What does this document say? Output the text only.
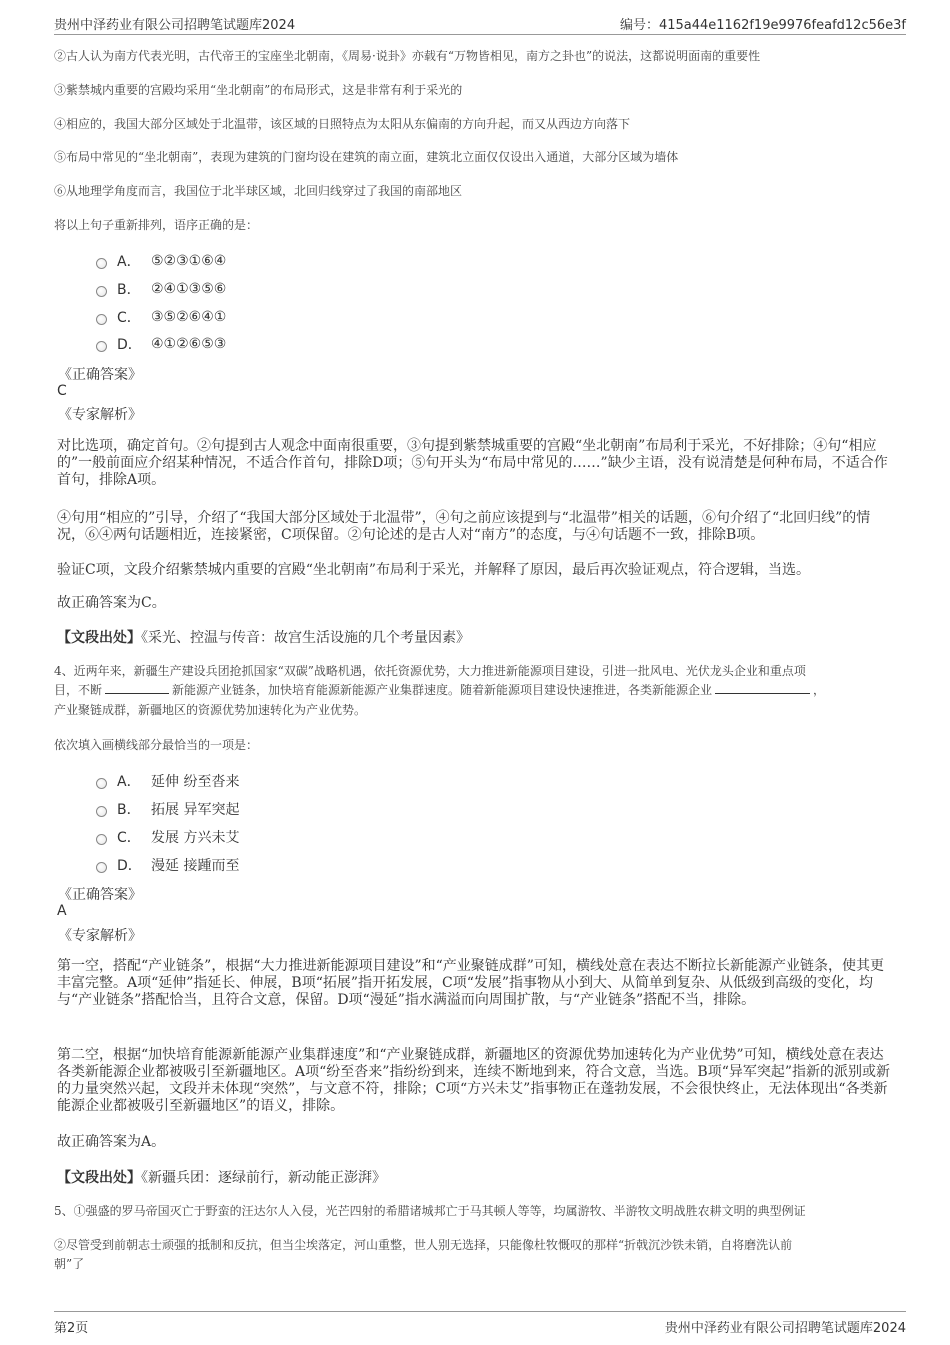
贵州中泽药业有限公司招聘笔试题库2024	编号：415a44e1162f19e9976feafd12c56e3f
②古人认为南方代表光明，古代帝王的宝座坐北朝南，《周易·说卦》亦载有“万物皆相见，南方之卦也”的说法，这都说明面南的重要性
③紫禁城内重要的宫殿均采用“坐北朝南”的布局形式，这是非常有利于采光的
④相应的，我国大部分区域处于北温带，该区域的日照特点为太阳从东偏南的方向升起，而又从西边方向落下
⑤布局中常见的“坐北朝南”，表现为建筑的门窗均设在建筑的南立面，建筑北立面仅仅设出入通道，大部分区域为墙体
⑥从地理学角度而言，我国位于北半球区域，北回归线穿过了我国的南部地区
将以上句子重新排列，语序正确的是：
A． ⑤②③①⑥④
B． ②④①③⑤⑥
C． ③⑤②⑥④①
D． ④①②⑥⑤③
《正确答案》
C
《专家解析》
对比选项，确定首句。②句提到古人观念中面南很重要，③句提到紫禁城重要的宫殿“坐北朝南”布局利于采光，不好排除；④句“相应的”一般前面应介绍某种情况，不适合作首句，排除D项；⑤句开头为“布局中常见的……”缺少主语，没有说清楚是何种布局，不适合作首句，排除A项。
④句用“相应的”引导，介绍了“我国大部分区域处于北温带”，④句之前应该提到与“北温带”相关的话题，⑥句介绍了“北回归线”的情况，⑥④两句话题相近，连接紧密，C项保留。②句论述的是古人对“南方”的态度，与④句话题不一致，排除B项。
验证C项，文段介绍紫禁城内重要的宫殿“坐北朝南”布局利于采光，并解释了原因，最后再次验证观点，符合逻辑，当选。
故正确答案为C。
【文段出处】《采光、控温与传音：故宫生活设施的几个考量因素》
4、近两年来，新疆生产建设兵团抢抓国家“双碳”战略机遇，依托资源优势，大力推进新能源项目建设，引进一批风电、光伏龙头企业和重点项
目，不断	新能源产业链条，加快培育能源新能源产业集群速度。随着新能源项目建设快速推进，各类新能源企业	，
产业聚链成群，新疆地区的资源优势加速转化为产业优势。
依次填入画横线部分最恰当的一项是：
A． 延伸 纷至沓来
B． 拓展 异军突起
C． 发展 方兴未艾
D． 漫延 接踵而至
《正确答案》
A
《专家解析》
第一空，搭配“产业链条”，根据“大力推进新能源项目建设”和“产业聚链成群”可知，横线处意在表达不断拉长新能源产业链条，使其更丰富完整。A项“延伸”指延长、伸展，B项“拓展”指开拓发展，C项“发展”指事物从小到大、从简单到复杂、从低级到高级的变化，均与“产业链条”搭配恰当，且符合文意，保留。D项“漫延”指水满溢而向周围扩散，与“产业链条”搭配不当，排除。
第二空，根据“加快培育能源新能源产业集群速度”和“产业聚链成群，新疆地区的资源优势加速转化为产业优势”可知，横线处意在表达各类新能源企业都被吸引至新疆地区。A项“纷至沓来”指纷纷到来，连续不断地到来，符合文意，当选。B项“异军突起”指新的派别或新的力量突然兴起，文段并未体现“突然”，与文意不符，排除；C项“方兴未艾”指事物正在蓬勃发展，不会很快终止，无法体现出“各类新能源企业都被吸引至新疆地区”的语义，排除。
故正确答案为A。
【文段出处】《新疆兵团：逐绿前行，新动能正澎湃》
5、①强盛的罗马帝国灭亡于野蛮的汪达尔人入侵，光芒四射的希腊诸城邦亡于马其顿人等等，均属游牧、半游牧文明战胜农耕文明的典型例证
②尽管受到前朝志士顽强的抵制和反抗，但当尘埃落定，河山重整，世人别无选择，只能像杜牧慨叹的那样“折戟沉沙铁未销，自将磨洗认前
朝”了
第2页	贵州中泽药业有限公司招聘笔试题库2024
